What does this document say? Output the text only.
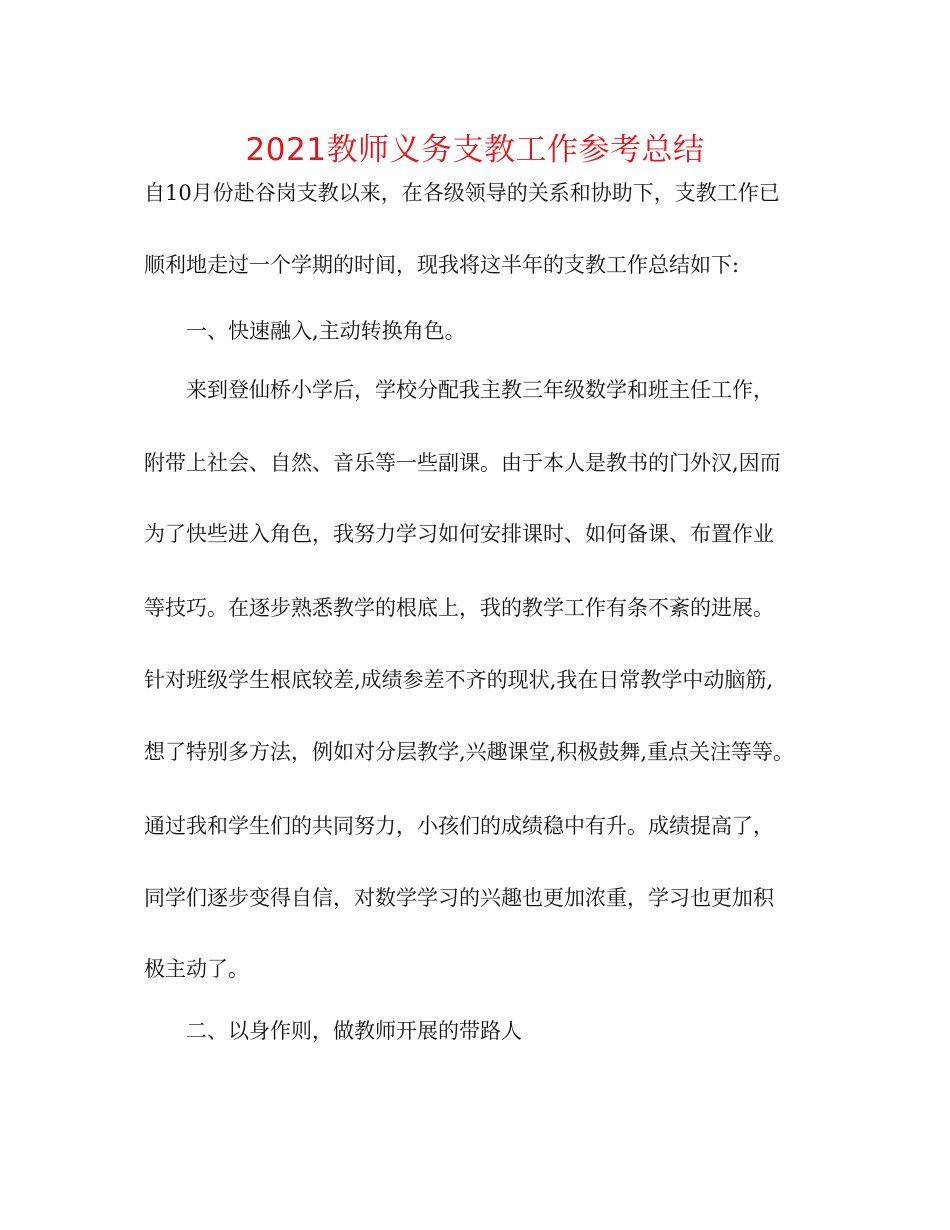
2021教师义务支教工作参考总结
自10月份赴谷岗支教以来，在各级领导的关系和协助下，支教工作已
顺利地走过一个学期的时间，现我将这半年的支教工作总结如下:
一、快速融入,主动转换角色。
来到登仙桥小学后，学校分配我主教三年级数学和班主任工作，
附带上社会、自然、音乐等一些副课。由于本人是教书的门外汉,因而
为了快些进入角色，我努力学习如何安排课时、如何备课、布置作业
等技巧。在逐步熟悉教学的根底上，我的教学工作有条不紊的进展。
针对班级学生根底较差,成绩参差不齐的现状,我在日常教学中动脑筋,
想了特别多方法，例如对分层教学,兴趣课堂,积极鼓舞,重点关注等等。
通过我和学生们的共同努力，小孩们的成绩稳中有升。成绩提高了，
同学们逐步变得自信，对数学学习的兴趣也更加浓重，学习也更加积
极主动了。
二、以身作则，做教师开展的带路人
